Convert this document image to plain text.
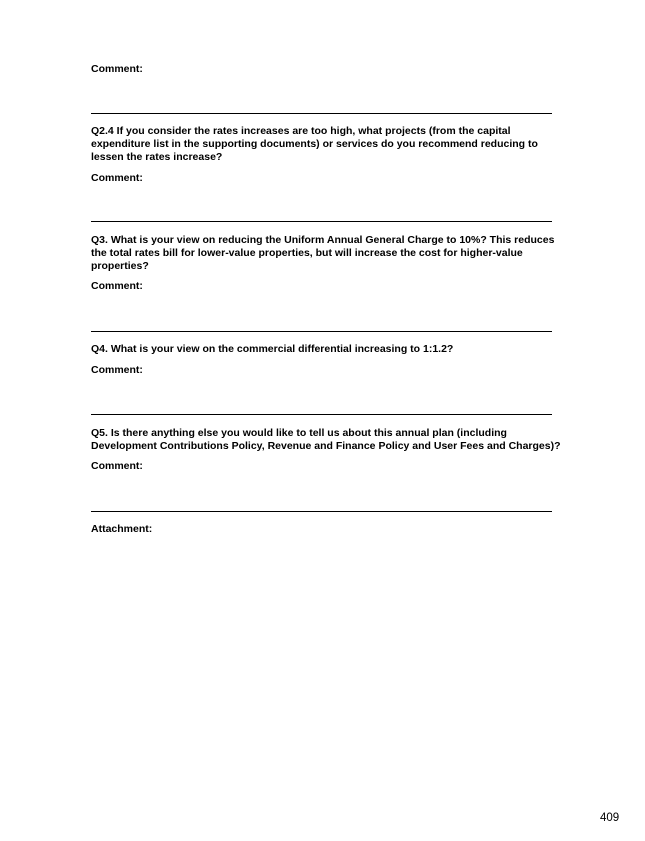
Comment:
Q2.4 If you consider the rates increases are too high, what projects (from the capital
expenditure list in the supporting documents) or services do you recommend reducing to
lessen the rates increase?
Comment:
Q3. What is your view on reducing the Uniform Annual General Charge to 10%? This reduces
the total rates bill for lower-value properties, but will increase the cost for higher-value
properties?
Comment:
Q4. What is your view on the commercial differential increasing to 1:1.2?
Comment:
Q5. Is there anything else you would like to tell us about this annual plan (including
Development Contributions Policy, Revenue and Finance Policy and User Fees and Charges)?
Comment:
Attachment:
409
